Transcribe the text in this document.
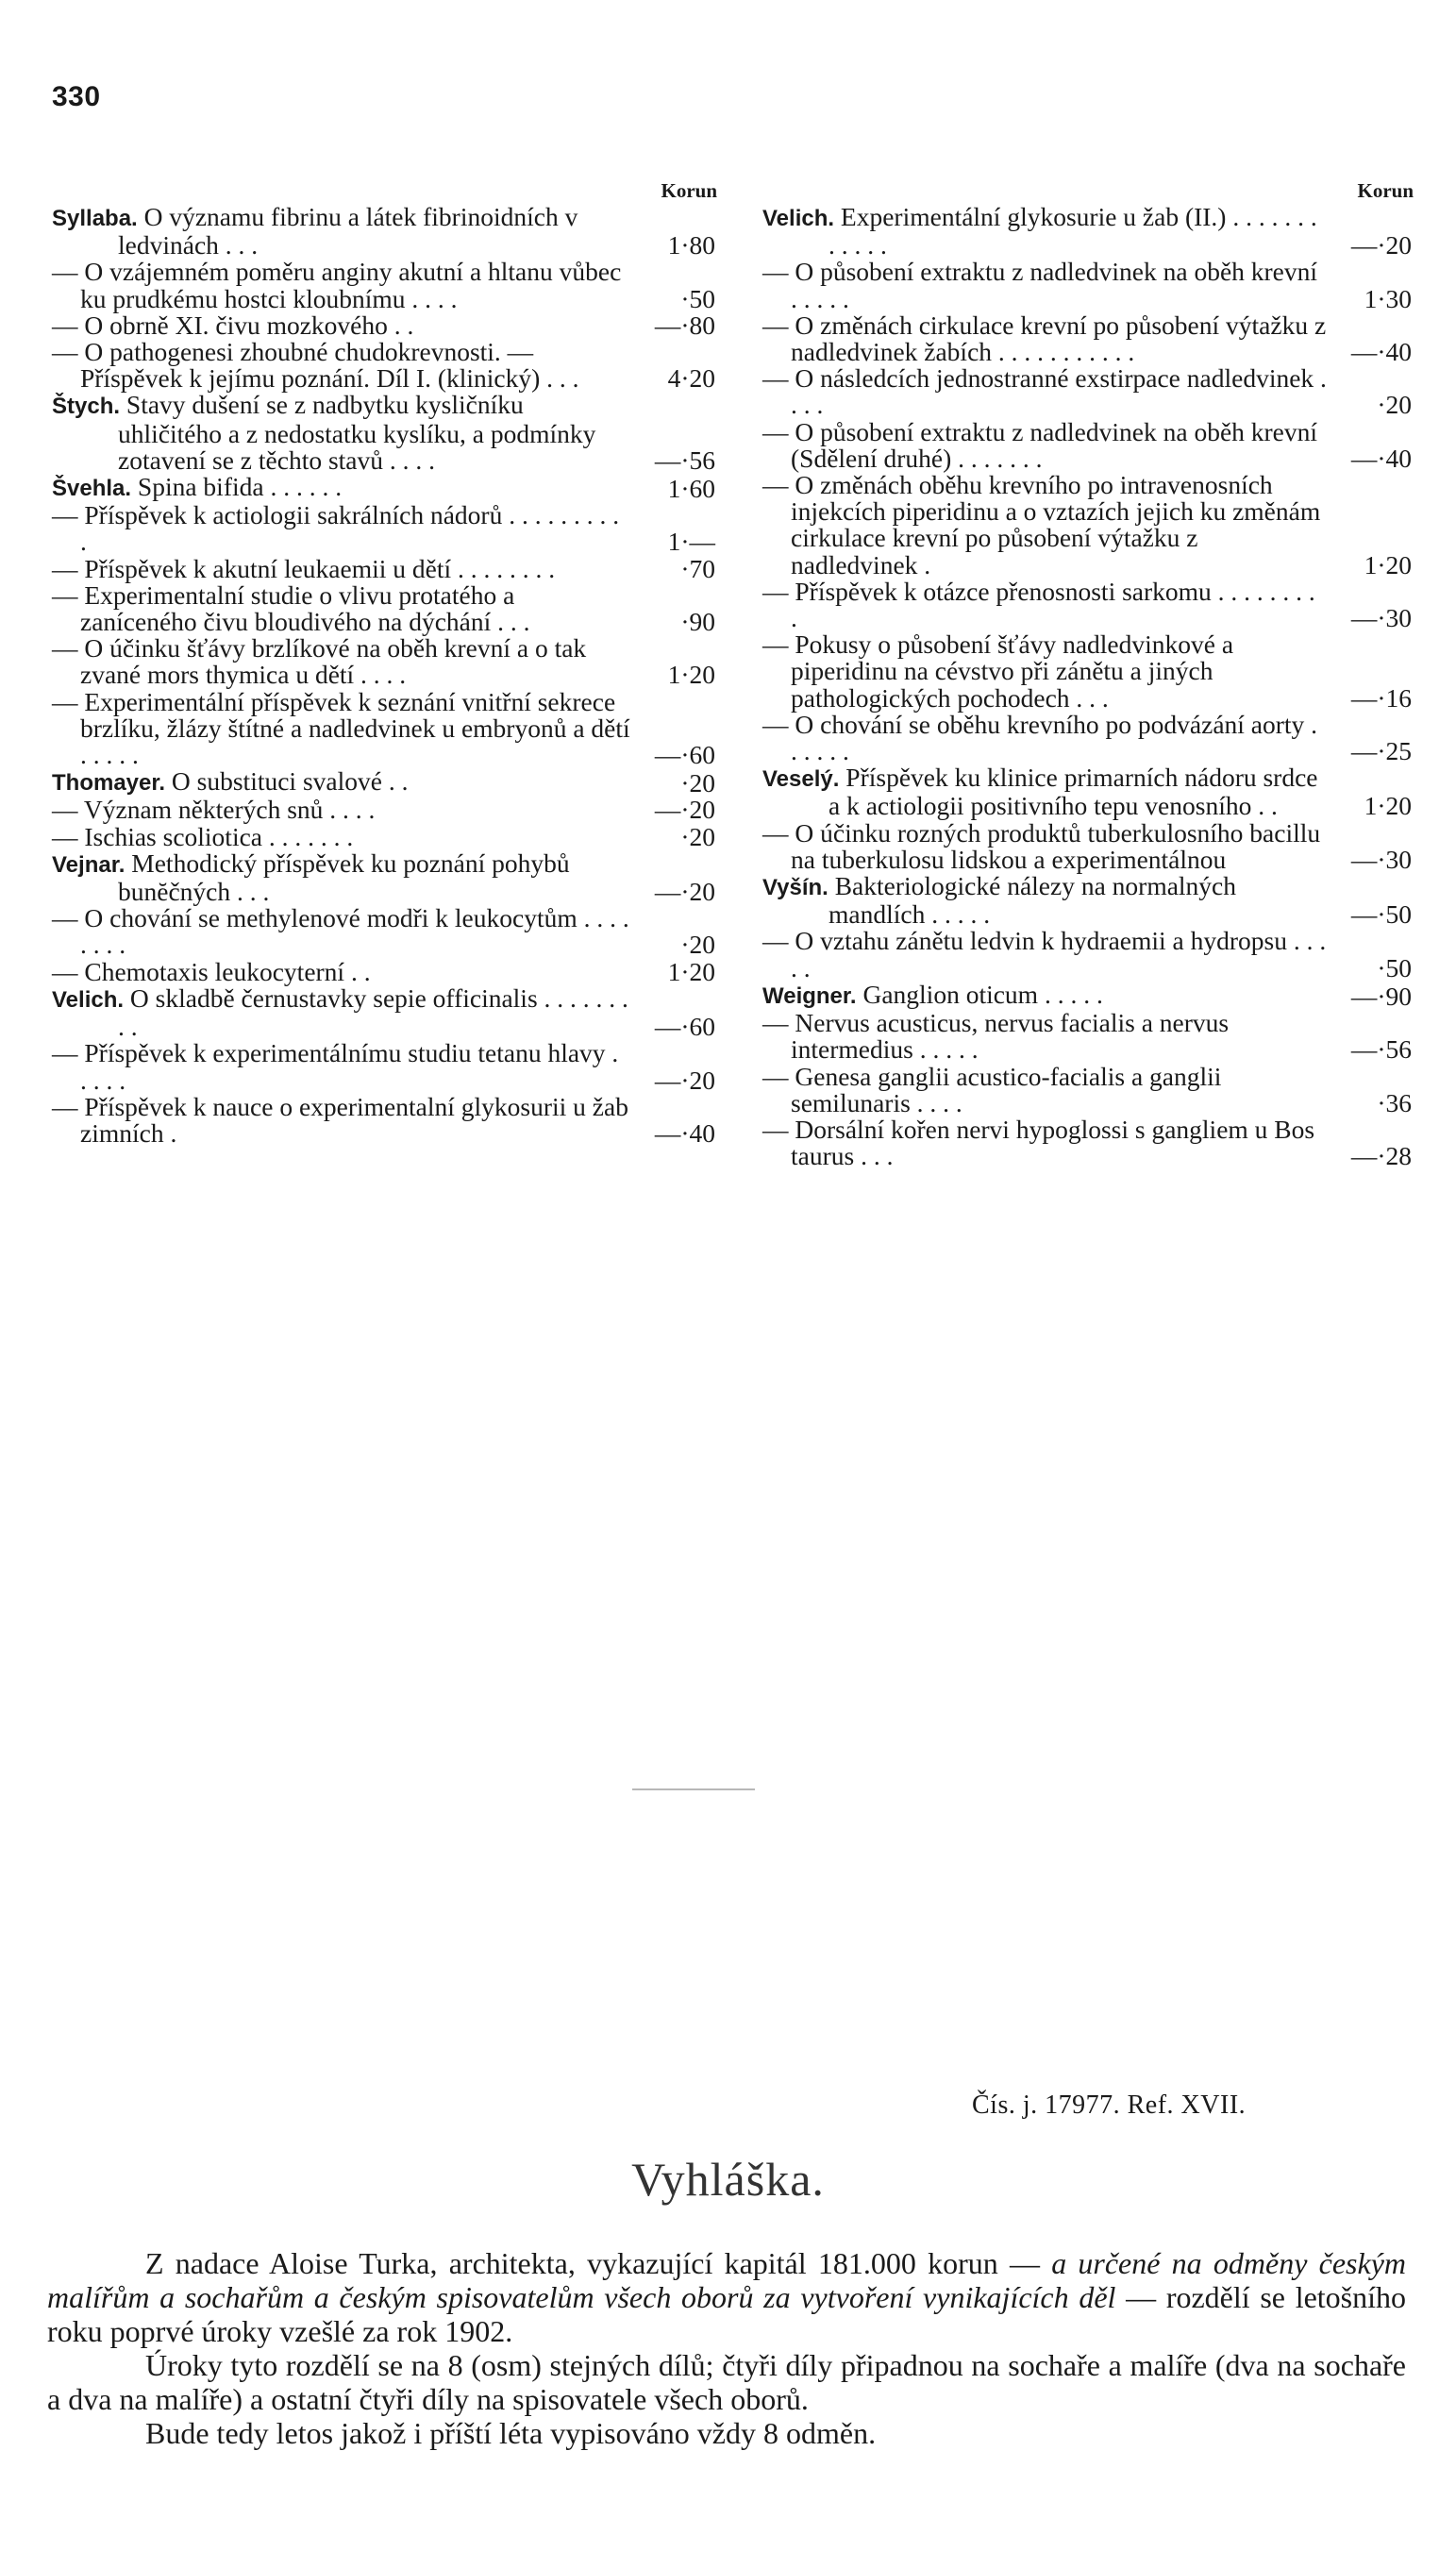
330
Korun
Syllaba. O významu fibrinu a látek fibrinoidních v ledvinách . . .	1·80
— O vzájemném poměru anginy akutní a hltanu vůbec ku prudkému hostci kloubnímu . . . .	·50
— O obrně XI. čivu mozkového . .	—·80
— O pathogenesi zhoubné chudokrevnosti. — Příspěvek k jejímu poznání. Díl I. (klinický) . . .	4·20
Štych. Stavy dušení se z nadbytku kysličníku uhličitého a z nedostatku kyslíku, a podmínky zotavení se z těchto stavů . . . .	—·56
Švehla. Spina bifida . . . . . .	1·60
— Příspěvek k actiologii sakrálních nádorů . . . . . . . . . .	1·—
— Příspěvek k akutní leukaemii u dětí . . . . . . . .	·70
— Experimentalní studie o vlivu protatého a zaníceného čivu bloudivého na dýchání . . .	·90
— O účinku šťávy brzlíkové na oběh krevní a o tak zvané mors thymica u dětí . . . .	1·20
— Experimentální příspěvek k seznání vnitřní sekrece brzlíku, žlázy štítné a nadledvinek u embryonů a dětí . . . . .	—·60
Thomayer. O substituci svalové . .	·20
— Význam některých snů . . . .	—·20
— Ischias scoliotica . . . . . . .	·20
Vejnar. Methodický příspěvek ku poznání pohybů bunĕčných . . .	—·20
— O chování se methylenové modři k leukocytům . . . . . . . .	·20
— Chemotaxis leukocyterní . .	1·20
Velich. O skladbě černustavky sepie officinalis . . . . . . . . .	—·60
— Příspěvek k experimentálnímu studiu tetanu hlavy . . . . .	—·20
— Příspěvek k nauce o experimentalní glykosurii u žab zimních .	—·40
Korun
Velich. Experimentální glykosurie u žab (II.) . . . . . . . . . . . .	—·20
— O působení extraktu z nadledvinek na oběh krevní . . . . .	1·30
— O změnách cirkulace krevní po působení výtažku z nadledvinek žabích . . . . . . . . . . .	—·40
— O následcích jednostranné exstirpace nadledvinek . . . .	·20
— O působení extraktu z nadledvinek na oběh krevní (Sdělení druhé) . . . . . . .	—·40
— O změnách oběhu krevního po intravenosních injekcích piperidinu a o vztazích jejich ku změnám cirkulace krevní po působení výtažku z nadledvinek .	1·20
— Příspěvek k otázce přenosnosti sarkomu . . . . . . . . .	—·30
— Pokusy o působení šťávy nadledvinkové a piperidinu na cévstvo při zánětu a jiných pathologických pochodech . . .	—·16
— O chování se oběhu krevního po podvázání aorty . . . . . .	—·25
Veselý. Příspěvek ku klinice primarních nádoru srdce a k actiologii positivního tepu venosního . .	1·20
— O účinku rozných produktů tuberkulosního bacillu na tuberkulosu lidskou a experimentálnou	—·30
Vyšín. Bakteriologické nálezy na normalných mandlích . . . . .	—·50
— O vztahu zánětu ledvin k hydraemii a hydropsu . . . . .	·50
Weigner. Ganglion oticum . . . . .	—·90
— Nervus acusticus, nervus facialis a nervus intermedius . . . . .	—·56
— Genesa ganglii acustico-facialis a ganglii semilunaris . . . .	·36
— Dorsální kořen nervi hypoglossi s gangliem u Bos taurus . . .	—·28
Čís. j. 17977. Ref. XVII.
Vyhláška.

Z nadace Aloise Turka, architekta, vykazující kapitál 181.000 korun — a určené na odměny českým malířům a sochařům a českým spisovatelům všech oborů za vytvoření vynikajících děl — rozdělí se letošního roku poprvé úroky vzešlé za rok 1902.

Úroky tyto rozdělí se na 8 (osm) stejných dílů; čtyři díly připadnou na sochaře a malíře (dva na sochaře a dva na malíře) a ostatní čtyři díly na spisovatele všech oborů.

Bude tedy letos jakož i příští léta vypisováno vždy 8 odměn.
